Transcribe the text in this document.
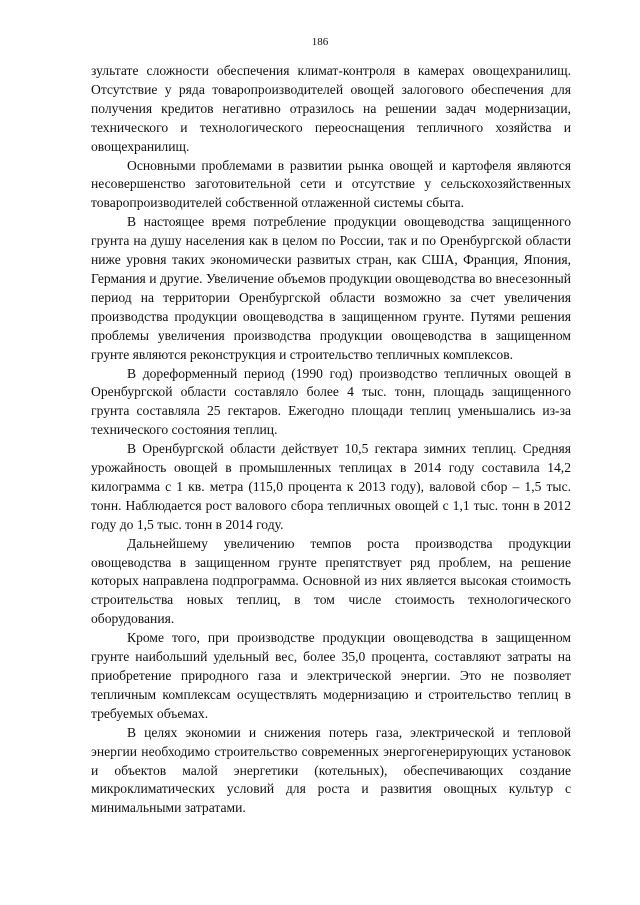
186

зультате сложности обеспечения климат-контроля в камерах овощехранилищ. Отсутствие у ряда товаропроизводителей овощей залогового обеспечения для получения кредитов негативно отразилось на решении задач модернизации, технического и технологического переоснащения тепличного хозяйства и овощехранилищ.

Основными проблемами в развитии рынка овощей и картофеля являются несовершенство заготовительной сети и отсутствие у сельскохозяйственных товаропроизводителей собственной отлаженной системы сбыта.

В настоящее время потребление продукции овощеводства защищенного грунта на душу населения как в целом по России, так и по Оренбургской области ниже уровня таких экономически развитых стран, как США, Франция, Япония, Германия и другие. Увеличение объемов продукции овощеводства во внесезонный период на территории Оренбургской области возможно за счет увеличения производства продукции овощеводства в защищенном грунте. Путями решения проблемы увеличения производства продукции овощеводства в защищенном грунте являются реконструкция и строительство тепличных комплексов.

В дореформенный период (1990 год) производство тепличных овощей в Оренбургской области составляло более 4 тыс. тонн, площадь защищенного грунта составляла 25 гектаров. Ежегодно площади теплиц уменьшались из-за технического состояния теплиц.

В Оренбургской области действует 10,5 гектара зимних теплиц. Средняя урожайность овощей в промышленных теплицах в 2014 году составила 14,2 килограмма с 1 кв. метра (115,0 процента к 2013 году), валовой сбор – 1,5 тыс. тонн. Наблюдается рост валового сбора тепличных овощей с 1,1 тыс. тонн в 2012 году до 1,5 тыс. тонн в 2014 году.

Дальнейшему увеличению темпов роста производства продукции овощеводства в защищенном грунте препятствует ряд проблем, на решение которых направлена подпрограмма. Основной из них является высокая стоимость строительства новых теплиц, в том числе стоимость технологического оборудования.

Кроме того, при производстве продукции овощеводства в защищенном грунте наибольший удельный вес, более 35,0 процента, составляют затраты на приобретение природного газа и электрической энергии. Это не позволяет тепличным комплексам осуществлять модернизацию и строительство теплиц в требуемых объемах.

В целях экономии и снижения потерь газа, электрической и тепловой энергии необходимо строительство современных энергогенерирующих установок и объектов малой энергетики (котельных), обеспечивающих создание микроклиматических условий для роста и развития овощных культур с минимальными затратами.
